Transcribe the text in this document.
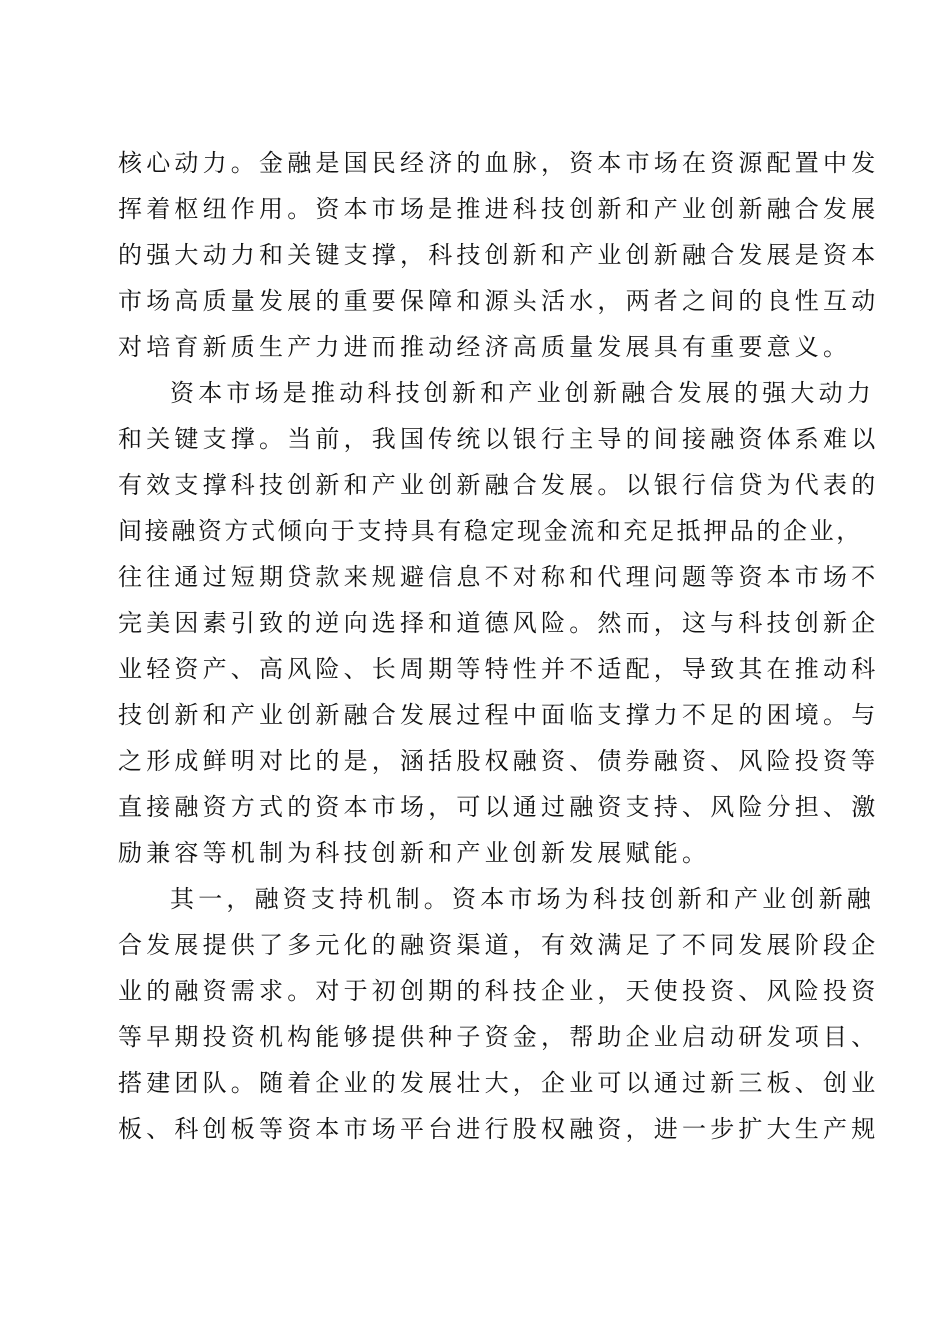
核心动力。金融是国民经济的血脉，资本市场在资源配置中发
挥着枢纽作用。资本市场是推进科技创新和产业创新融合发展
的强大动力和关键支撑，科技创新和产业创新融合发展是资本
市场高质量发展的重要保障和源头活水，两者之间的良性互动
对培育新质生产力进而推动经济高质量发展具有重要意义。
资本市场是推动科技创新和产业创新融合发展的强大动力
和关键支撑。当前，我国传统以银行主导的间接融资体系难以
有效支撑科技创新和产业创新融合发展。以银行信贷为代表的
间接融资方式倾向于支持具有稳定现金流和充足抵押品的企业，
往往通过短期贷款来规避信息不对称和代理问题等资本市场不
完美因素引致的逆向选择和道德风险。然而，这与科技创新企
业轻资产、高风险、长周期等特性并不适配，导致其在推动科
技创新和产业创新融合发展过程中面临支撑力不足的困境。与
之形成鲜明对比的是，涵括股权融资、债券融资、风险投资等
直接融资方式的资本市场，可以通过融资支持、风险分担、激
励兼容等机制为科技创新和产业创新发展赋能。
其一，融资支持机制。资本市场为科技创新和产业创新融
合发展提供了多元化的融资渠道，有效满足了不同发展阶段企
业的融资需求。对于初创期的科技企业，天使投资、风险投资
等早期投资机构能够提供种子资金，帮助企业启动研发项目、
搭建团队。随着企业的发展壮大，企业可以通过新三板、创业
板、科创板等资本市场平台进行股权融资，进一步扩大生产规
